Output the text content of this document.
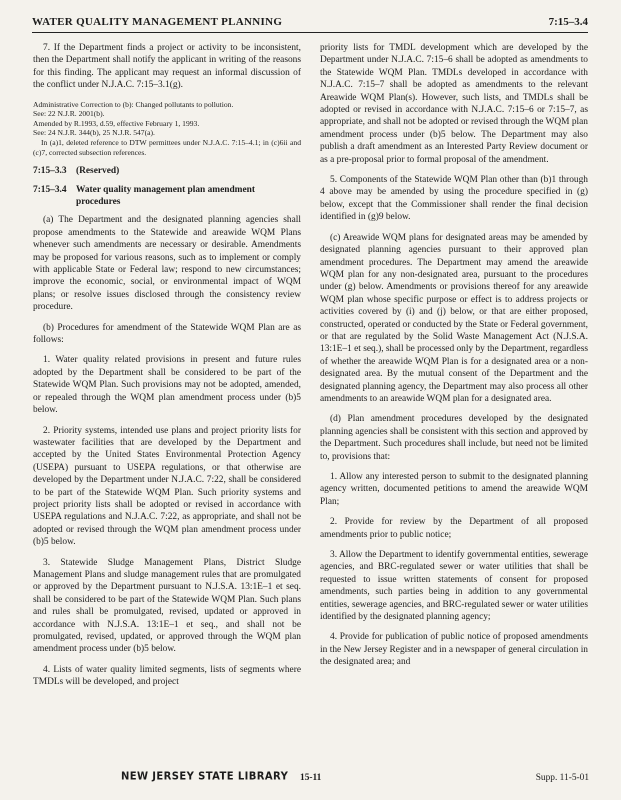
WATER QUALITY MANAGEMENT PLANNING	7:15–3.4

7. If the Department finds a project or activity to be inconsistent, then the Department shall notify the applicant in writing of the reasons for this finding. The applicant may request an informal discussion of the conflict under N.J.A.C. 7:15–3.1(g).

Administrative Correction to (b): Changed pollutants to pollution.

See: 22 N.J.R. 2001(b).

Amended by R.1993, d.59, effective February 1, 1993.

See: 24 N.J.R. 344(b), 25 N.J.R. 547(a).

In (a)1, deleted reference to DTW permittees under N.J.A.C. 7:15–4.1; in (c)6ii and (c)7, corrected subsection references.

7:15–3.3	(Reserved)
7:15–3.4	Water quality management plan amendment procedures

(a) The Department and the designated planning agencies shall propose amendments to the Statewide and areawide WQM Plans whenever such amendments are necessary or desirable. Amendments may be proposed for various reasons, such as to implement or comply with applicable State or Federal law; respond to new circumstances; improve the economic, social, or environmental impact of WQM plans; or resolve issues disclosed through the consistency review procedure.

(b) Procedures for amendment of the Statewide WQM Plan are as follows:

1. Water quality related provisions in present and future rules adopted by the Department shall be considered to be part of the Statewide WQM Plan. Such provisions may not be adopted, amended, or repealed through the WQM plan amendment process under (b)5 below.

2. Priority systems, intended use plans and project priority lists for wastewater facilities that are developed by the Department and accepted by the United States Environmental Protection Agency (USEPA) pursuant to USEPA regulations, or that otherwise are developed by the Department under N.J.A.C. 7:22, shall be considered to be part of the Statewide WQM Plan. Such priority systems and project priority lists shall be adopted or revised in accordance with USEPA regulations and N.J.A.C. 7:22, as appropriate, and shall not be adopted or revised through the WQM plan amendment process under (b)5 below.

3. Statewide Sludge Management Plans, District Sludge Management Plans and sludge management rules that are promulgated or approved by the Department pursuant to N.J.S.A. 13:1E–1 et seq. shall be considered to be part of the Statewide WQM Plan. Such plans and rules shall be promulgated, revised, updated or approved in accordance with N.J.S.A. 13:1E–1 et seq., and shall not be promulgated, revised, updated, or approved through the WQM plan amendment process under (b)5 below.

4. Lists of water quality limited segments, lists of segments where TMDLs will be developed, and project

priority lists for TMDL development which are developed by the Department under N.J.A.C. 7:15–6 shall be adopted as amendments to the Statewide WQM Plan. TMDLs developed in accordance with N.J.A.C. 7:15–7 shall be adopted as amendments to the relevant Areawide WQM Plan(s). However, such lists, and TMDLs shall be adopted or revised in accordance with N.J.A.C. 7:15–6 or 7:15–7, as appropriate, and shall not be adopted or revised through the WQM plan amendment process under (b)5 below. The Department may also publish a draft amendment as an Interested Party Review document or as a pre-proposal prior to formal proposal of the amendment.

5. Components of the Statewide WQM Plan other than (b)1 through 4 above may be amended by using the procedure specified in (g) below, except that the Commissioner shall render the final decision identified in (g)9 below.

(c) Areawide WQM plans for designated areas may be amended by designated planning agencies pursuant to their approved plan amendment procedures. The Department may amend the areawide WQM plan for any non-designated area, pursuant to the procedures under (g) below. Amendments or provisions thereof for any areawide WQM plan whose specific purpose or effect is to address projects or activities covered by (i) and (j) below, or that are either proposed, constructed, operated or conducted by the State or Federal government, or that are regulated by the Solid Waste Management Act (N.J.S.A. 13:1E–1 et seq.), shall be processed only by the Department, regardless of whether the areawide WQM Plan is for a designated area or a non-designated area. By the mutual consent of the Department and the designated planning agency, the Department may also process all other amendments to an areawide WQM plan for a designated area.

(d) Plan amendment procedures developed by the designated planning agencies shall be consistent with this section and approved by the Department. Such procedures shall include, but need not be limited to, provisions that:

1. Allow any interested person to submit to the designated planning agency written, documented petitions to amend the areawide WQM Plan;

2. Provide for review by the Department of all proposed amendments prior to public notice;

3. Allow the Department to identify governmental entities, sewerage agencies, and BRC-regulated sewer or water utilities that shall be requested to issue written statements of consent for proposed amendments, such parties being in addition to any governmental entities, sewerage agencies, and BRC-regulated sewer or water utilities identified by the designated planning agency;

4. Provide for publication of public notice of proposed amendments in the New Jersey Register and in a newspaper of general circulation in the designated area; and

NEW JERSEY STATE LIBRARY 15-11	Supp. 11-5-01
